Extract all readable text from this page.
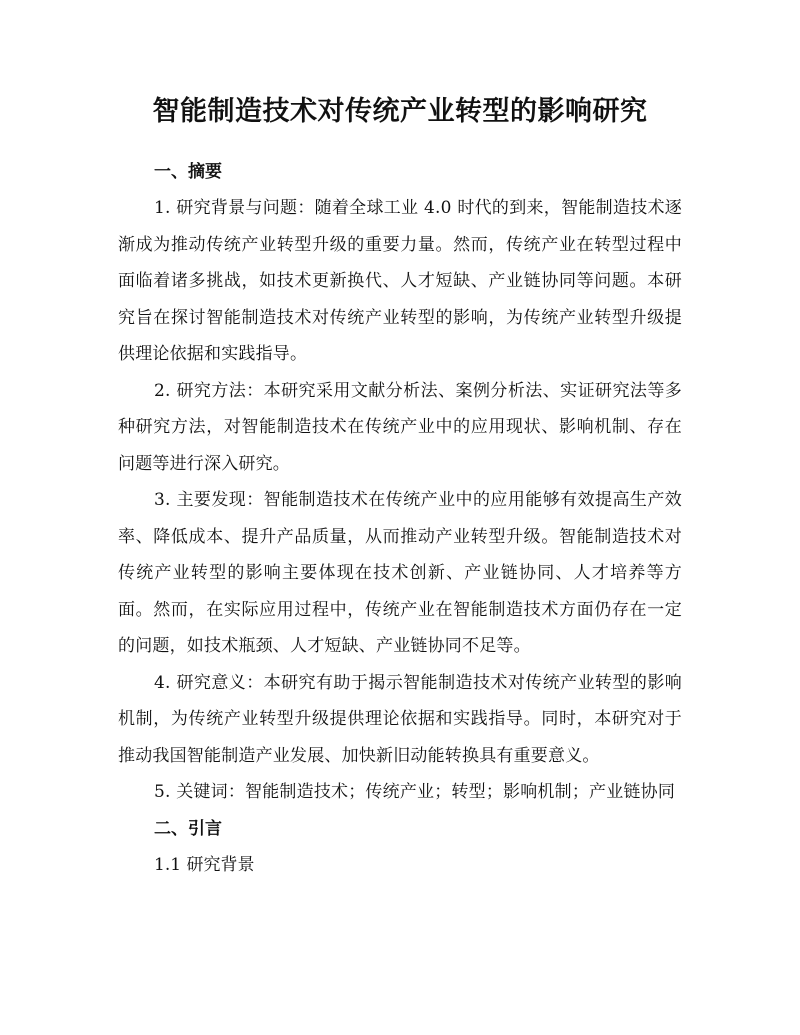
智能制造技术对传统产业转型的影响研究
一、摘要

1. 研究背景与问题：随着全球工业 4.0 时代的到来，智能制造技术逐渐成为推动传统产业转型升级的重要力量。然而，传统产业在转型过程中面临着诸多挑战，如技术更新换代、人才短缺、产业链协同等问题。本研究旨在探讨智能制造技术对传统产业转型的影响，为传统产业转型升级提供理论依据和实践指导。

2. 研究方法：本研究采用文献分析法、案例分析法、实证研究法等多种研究方法，对智能制造技术在传统产业中的应用现状、影响机制、存在问题等进行深入研究。

3. 主要发现：智能制造技术在传统产业中的应用能够有效提高生产效率、降低成本、提升产品质量，从而推动产业转型升级。智能制造技术对传统产业转型的影响主要体现在技术创新、产业链协同、人才培养等方面。然而，在实际应用过程中，传统产业在智能制造技术方面仍存在一定的问题，如技术瓶颈、人才短缺、产业链协同不足等。

4. 研究意义：本研究有助于揭示智能制造技术对传统产业转型的影响机制，为传统产业转型升级提供理论依据和实践指导。同时，本研究对于推动我国智能制造产业发展、加快新旧动能转换具有重要意义。

5. 关键词：智能制造技术；传统产业；转型；影响机制；产业链协同

二、引言

1.1 研究背景
